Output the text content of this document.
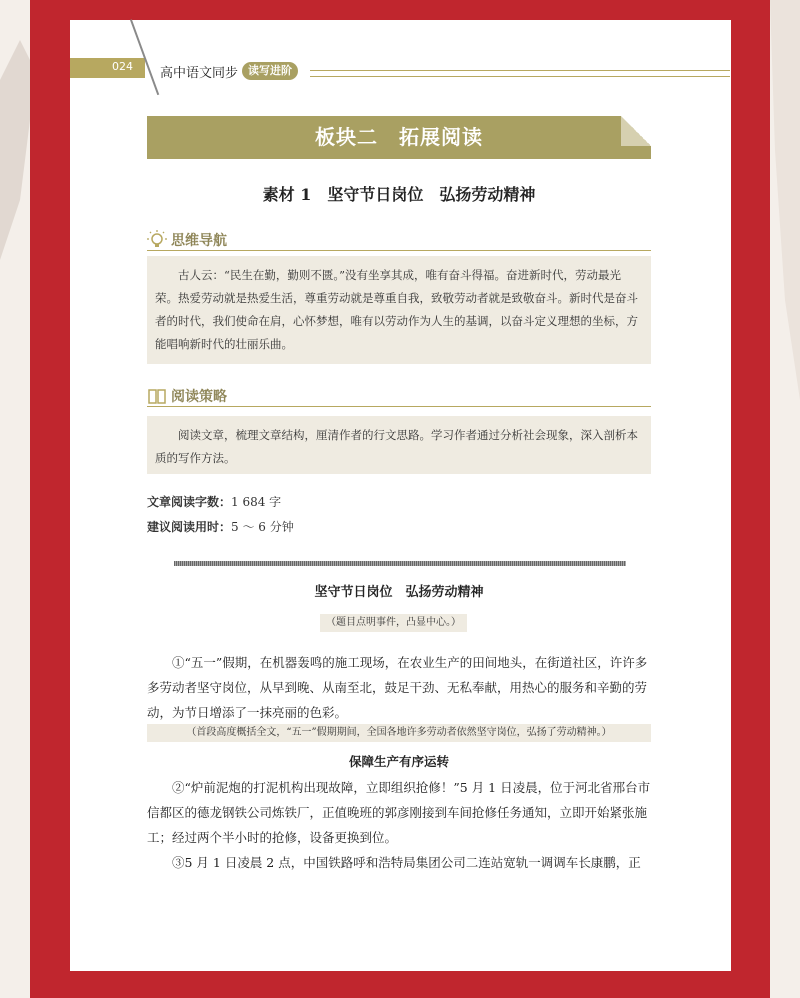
024 高中语文同步 读写进阶
板块二　拓展阅读
素材 1　坚守节日岗位　弘扬劳动精神
思维导航
古人云：“民生在勤，勤则不匮。”没有坐享其成，唯有奋斗得福。奋进新时代，劳动最光荣。热爱劳动就是热爱生活，尊重劳动就是尊重自我，致敬劳动者就是致敬奋斗。新时代是奋斗者的时代，我们使命在肩，心怀梦想，唯有以劳动作为人生的基调，以奋斗定义理想的坐标，方能唱响新时代的壮丽乐曲。
阅读策略
阅读文章，梳理文章结构，厘清作者的行文思路。学习作者通过分析社会现象，深入剖析本质的写作方法。
文章阅读字数：1 684 字
建议阅读用时：5 ～ 6 分钟
坚守节日岗位　弘扬劳动精神
（题目点明事件，凸显中心。）
①“五一”假期，在机器轰鸣的施工现场，在农业生产的田间地头，在街道社区，许许多多劳动者坚守岗位，从早到晚、从南至北，鼓足干劲、无私奉献，用热心的服务和辛勤的劳动，为节日增添了一抹亮丽的色彩。
（首段高度概括全文，“五一”假期期间，全国各地许多劳动者依然坚守岗位，弘扬了劳动精神。）
保障生产有序运转
②“炉前泥炮的打泥机构出现故障，立即组织抢修！”5 月 1 日凌晨，位于河北省邢台市信都区的德龙钢铁公司炼铁厂，正值晚班的郭彦刚接到车间抢修任务通知，立即开始紧张施工；经过两个半小时的抢修，设备更换到位。
③5 月 1 日凌晨 2 点，中国铁路呼和浩特局集团公司二连站宽轨一调调车长康鹏，正
